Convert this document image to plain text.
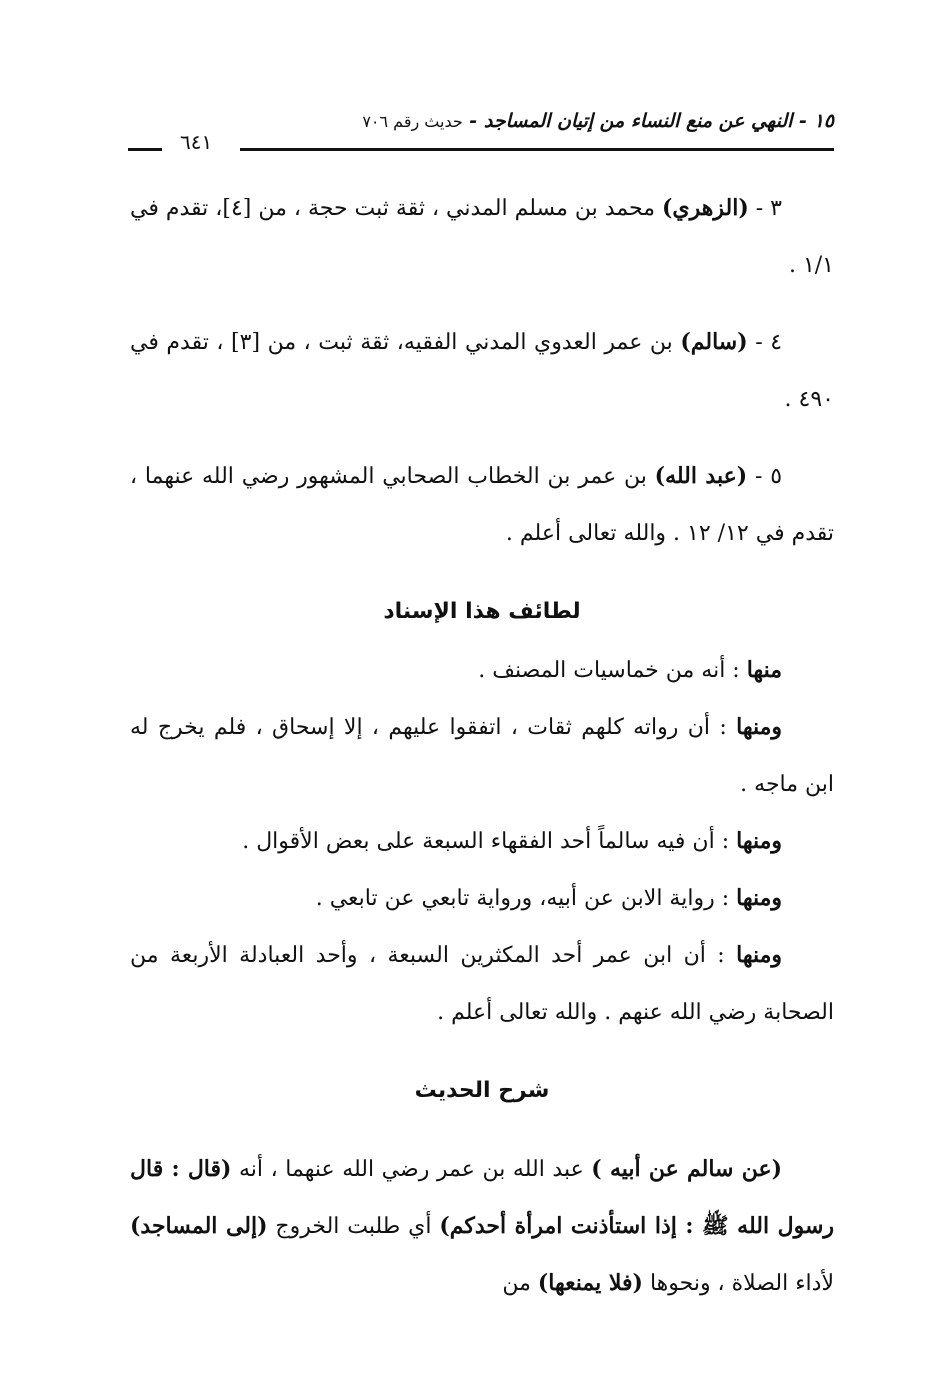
١٥ - النهي عن منع النساء من إتيان المساجد - حديث رقم ٧٠٦
٦٤١

٣ - (الزهري) محمد بن مسلم المدني ، ثقة ثبت حجة ، من [٤]، تقدم في ١/١ .

٤ - (سالم) بن عمر العدوي المدني الفقيه، ثقة ثبت ، من [٣] ، تقدم في ٤٩٠ .

٥ - (عبد الله) بن عمر بن الخطاب الصحابي المشهور رضي الله عنهما ، تقدم في ١٢/ ١٢ . والله تعالى أعلم .

لطائف هذا الإسناد

منها : أنه من خماسيات المصنف .

ومنها : أن رواته كلهم ثقات ، اتفقوا عليهم ، إلا إسحاق ، فلم يخرج له ابن ماجه .

ومنها : أن فيه سالماً أحد الفقهاء السبعة على بعض الأقوال .

ومنها : رواية الابن عن أبيه، ورواية تابعي عن تابعي .

ومنها : أن ابن عمر أحد المكثرين السبعة ، وأحد العبادلة الأربعة من الصحابة رضي الله عنهم . والله تعالى أعلم .

شرح الحديث

(عن سالم عن أبيه ) عبد الله بن عمر رضي الله عنهما ، أنه (قال : قال رسول الله ﷺ : إذا استأذنت امرأة أحدكم) أي طلبت الخروج (إلى المساجد) لأداء الصلاة ، ونحوها (فلا يمنعها) من
